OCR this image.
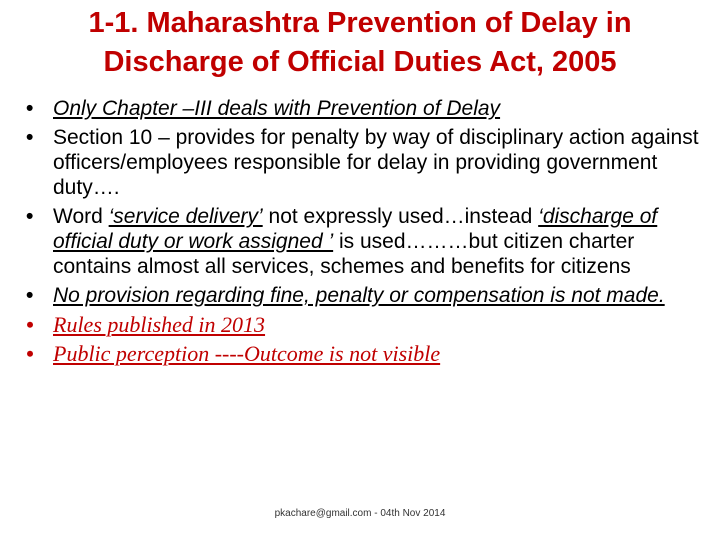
1-1. Maharashtra Prevention of Delay in
Discharge of Official Duties Act, 2005
• Only Chapter –III deals with Prevention of Delay
• Section 10 – provides for penalty by way of disciplinary action against officers/employees responsible for delay in providing government duty….
• Word ‘service delivery’ not expressly used…instead ‘discharge of official duty or work assigned ’ is used………but citizen charter contains almost all services, schemes and benefits for citizens
• No provision regarding fine, penalty or compensation is not made.
• Rules published in 2013
• Public perception ----Outcome is not visible
pkachare@gmail.com - 04th Nov 2014
